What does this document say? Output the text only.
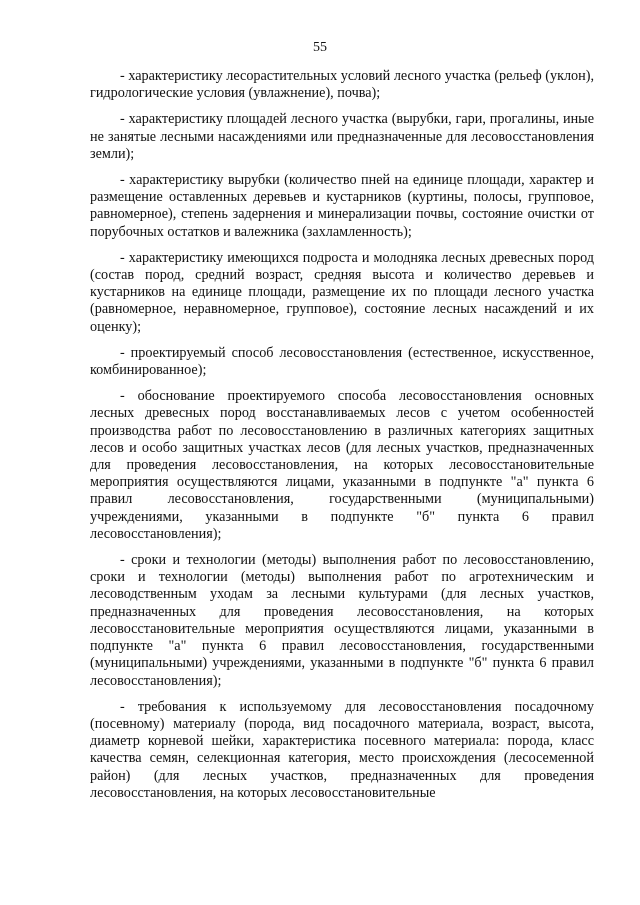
55

- характеристику лесорастительных условий лесного участка (рельеф (уклон), гидрологические условия (увлажнение), почва);

- характеристику площадей лесного участка (вырубки, гари, прогалины, иные не занятые лесными насаждениями или предназначенные для лесовосстановления земли);

- характеристику вырубки (количество пней на единице площади, характер и размещение оставленных деревьев и кустарников (куртины, полосы, групповое, равномерное), степень задернения и минерализации почвы, состояние очистки от порубочных остатков и валежника (захламленность);

- характеристику имеющихся подроста и молодняка лесных древесных пород (состав пород, средний возраст, средняя высота и количество деревьев и кустарников на единице площади, размещение их по площади лесного участка (равномерное, неравномерное, групповое), состояние лесных насаждений и их оценку);

- проектируемый способ лесовосстановления (естественное, искусственное, комбинированное);

- обоснование проектируемого способа лесовосстановления основных лесных древесных пород восстанавливаемых лесов с учетом особенностей производства работ по лесовосстановлению в различных категориях защитных лесов и особо защитных участках лесов (для лесных участков, предназначенных для проведения лесовосстановления, на которых лесовосстановительные мероприятия осуществляются лицами, указанными в подпункте "а" пункта 6 правил лесовосстановления, государственными (муниципальными) учреждениями, указанными в подпункте "б" пункта 6 правил лесовосстановления);

- сроки и технологии (методы) выполнения работ по лесовосстановлению, сроки и технологии (методы) выполнения работ по агротехническим и лесоводственным уходам за лесными культурами (для лесных участков, предназначенных для проведения лесовосстановления, на которых лесовосстановительные мероприятия осуществляются лицами, указанными в подпункте "а" пункта 6 правил лесовосстановления, государственными (муниципальными) учреждениями, указанными в подпункте "б" пункта 6 правил лесовосстановления);

- требования к используемому для лесовосстановления посадочному (посевному) материалу (порода, вид посадочного материала, возраст, высота, диаметр корневой шейки, характеристика посевного материала: порода, класс качества семян, селекционная категория, место происхождения (лесосеменной район) (для лесных участков, предназначенных для проведения лесовосстановления, на которых лесовосстановительные
